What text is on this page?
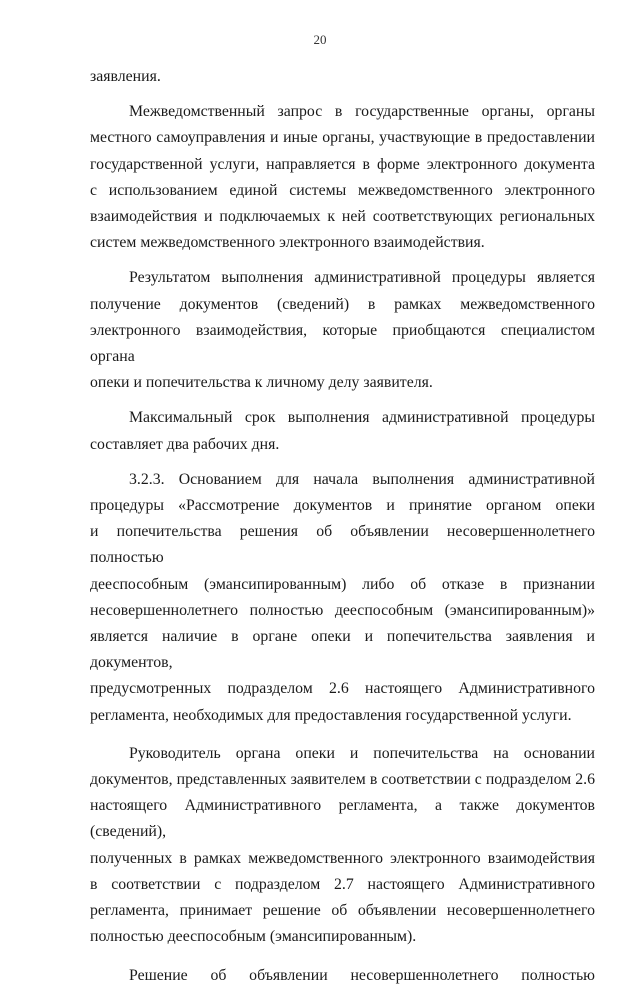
20

заявления.

Межведомственный запрос в государственные органы, органы

местного самоуправления и иные органы, участвующие в предоставлении

государственной услуги, направляется в форме электронного документа

с использованием единой системы межведомственного электронного

взаимодействия и подключаемых к ней соответствующих региональных

систем межведомственного электронного взаимодействия.

Результатом выполнения административной процедуры является

получение документов (сведений) в рамках межведомственного

электронного взаимодействия, которые приобщаются специалистом органа

опеки и попечительства к личному делу заявителя.

Максимальный срок выполнения административной процедуры

составляет два рабочих дня.

3.2.3. Основанием для начала выполнения административной

процедуры «Рассмотрение документов и принятие органом опеки

и попечительства решения об объявлении несовершеннолетнего полностью

дееспособным (эмансипированным) либо об отказе в признании

несовершеннолетнего полностью дееспособным (эмансипированным)»

является наличие в органе опеки и попечительства заявления и документов,

предусмотренных подразделом 2.6 настоящего Административного

регламента, необходимых для предоставления государственной услуги.

Руководитель органа опеки и попечительства на основании

документов, представленных заявителем в соответствии с подразделом 2.6

настоящего Административного регламента, а также документов (сведений),

полученных в рамках межведомственного электронного взаимодействия

в соответствии с подразделом 2.7 настоящего Административного

регламента, принимает решение об объявлении несовершеннолетнего

полностью дееспособным (эмансипированным).

Решение об объявлении несовершеннолетнего полностью
